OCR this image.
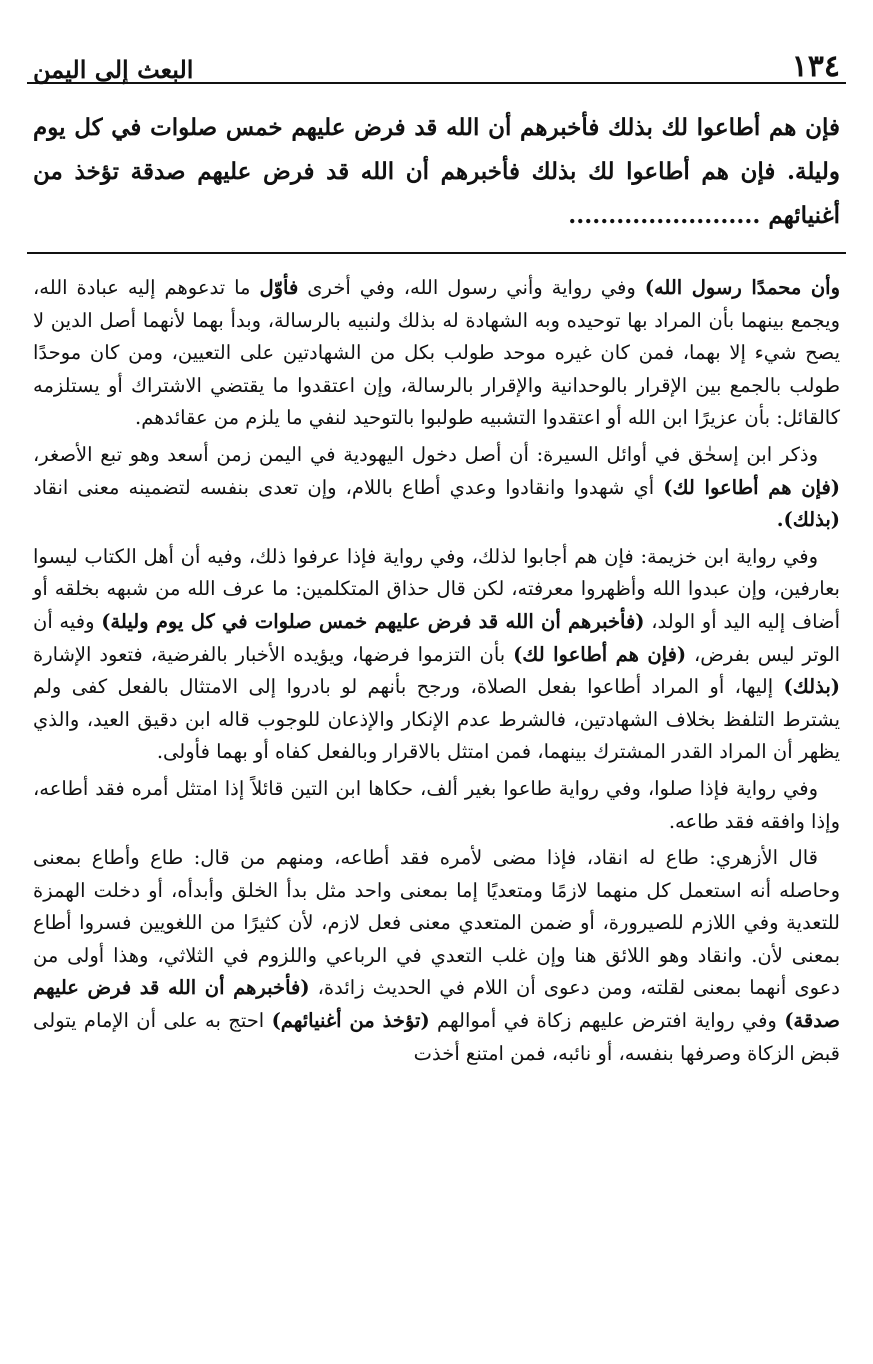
١٣٤
البعث إلى اليمن

فإن هم أطاعوا لك بذلك فأخبرهم أن الله قد فرض عليهم خمس صلوات في كل يوم وليلة. فإن هم أطاعوا لك بذلك فأخبرهم أن الله قد فرض عليهم صدقة تؤخذ من أغنيائهم ........................

وأن محمدًا رسول الله) وفي رواية وأني رسول الله، وفي أخرى فأوّل ما تدعوهم إليه عبادة الله، ويجمع بينهما بأن المراد بها توحيده وبه الشهادة له بذلك ولنبيه بالرسالة، وبدأ بهما لأنهما أصل الدين لا يصح شيء إلا بهما، فمن كان غيره موحد طولب بكل من الشهادتين على التعيين، ومن كان موحدًا طولب بالجمع بين الإقرار بالوحدانية والإقرار بالرسالة، وإن اعتقدوا ما يقتضي الاشتراك أو يستلزمه كالقائل: بأن عزيرًا ابن الله أو اعتقدوا التشبيه طولبوا بالتوحيد لنفي ما يلزم من عقائدهم.

وذكر ابن إسحٰق في أوائل السيرة: أن أصل دخول اليهودية في اليمن زمن أسعد وهو تبع الأصغر، (فإن هم أطاعوا لك) أي شهدوا وانقادوا وعدي أطاع باللام، وإن تعدى بنفسه لتضمينه معنى انقاد (بذلك).

وفي رواية ابن خزيمة: فإن هم أجابوا لذلك، وفي رواية فإذا عرفوا ذلك، وفيه أن أهل الكتاب ليسوا بعارفين، وإن عبدوا الله وأظهروا معرفته، لكن قال حذاق المتكلمين: ما عرف الله من شبهه بخلقه أو أضاف إليه اليد أو الولد، (فأخبرهم أن الله قد فرض عليهم خمس صلوات في كل يوم وليلة) وفيه أن الوتر ليس بفرض، (فإن هم أطاعوا لك) بأن التزموا فرضها، ويؤيده الأخبار بالفرضية، فتعود الإشارة (بذلك) إليها، أو المراد أطاعوا بفعل الصلاة، ورجح بأنهم لو بادروا إلى الامتثال بالفعل كفى ولم يشترط التلفظ بخلاف الشهادتين، فالشرط عدم الإنكار والإذعان للوجوب قاله ابن دقيق العيد، والذي يظهر أن المراد القدر المشترك بينهما، فمن امتثل بالاقرار وبالفعل كفاه أو بهما فأولى.

وفي رواية فإذا صلوا، وفي رواية طاعوا بغير ألف، حكاها ابن التين قائلاً إذا امتثل أمره فقد أطاعه، وإذا وافقه فقد طاعه.

قال الأزهري: طاع له انقاد، فإذا مضى لأمره فقد أطاعه، ومنهم من قال: طاع وأطاع بمعنى وحاصله أنه استعمل كل منهما لازمًا ومتعديًا إما بمعنى واحد مثل بدأ الخلق وأبدأه، أو دخلت الهمزة للتعدية وفي اللازم للصيرورة، أو ضمن المتعدي معنى فعل لازم، لأن كثيرًا من اللغويين فسروا أطاع بمعنى لأن. وانقاد وهو اللائق هنا وإن غلب التعدي في الرباعي واللزوم في الثلاثي، وهذا أولى من دعوى أنهما بمعنى لقلته، ومن دعوى أن اللام في الحديث زائدة، (فأخبرهم أن الله قد فرض عليهم صدقة) وفي رواية افترض عليهم زكاة في أموالهم (تؤخذ من أغنيائهم) احتج به على أن الإمام يتولى قبض الزكاة وصرفها بنفسه، أو نائبه، فمن امتنع أخذت
